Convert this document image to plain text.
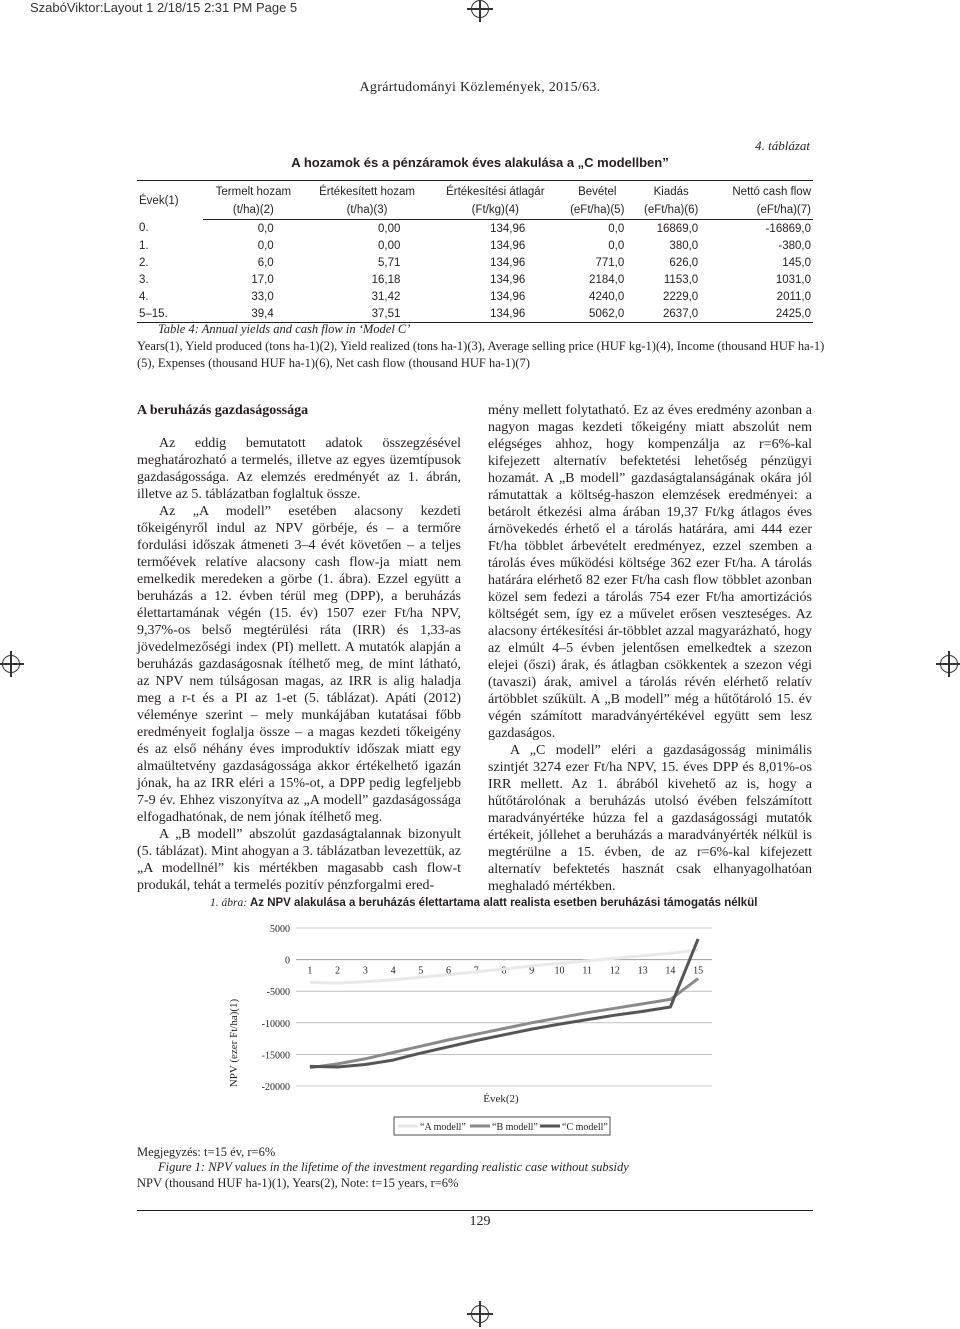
SzabóViktor:Layout 1 2/18/15 2:31 PM Page 5
Agrártudományi Közlemények, 2015/63.
4. táblázat
A hozamok és a pénzáramok éves alakulása a „C modellben”
Évek(1)	Termelt hozam	Értékesített hozam	Értékesítési átlagár	Bevétel	Kiadás	Nettó cash flow
	(t/ha)(2)	(t/ha)(3)	(Ft/kg)(4)	(eFt/ha)(5)	(eFt/ha)(6)	(eFt/ha)(7)
0.	0,0	0,00	134,96	0,0	16869,0	-16869,0
1.	0,0	0,00	134,96	0,0	380,0	-380,0
2.	6,0	5,71	134,96	771,0	626,0	145,0
3.	17,0	16,18	134,96	2184,0	1153,0	1031,0
4.	33,0	31,42	134,96	4240,0	2229,0	2011,0
5–15.	39,4	37,51	134,96	5062,0	2637,0	2425,0
Table 4: Annual yields and cash flow in ‘Model C’
Years(1), Yield produced (tons ha-1)(2), Yield realized (tons ha-1)(3), Average selling price (HUF kg-1)(4), Income (thousand HUF ha-1)(5), Expenses (thousand HUF ha-1)(6), Net cash flow (thousand HUF ha-1)(7)

A beruházás gazdaságossága

Az eddig bemutatott adatok összegzésével meghatározható a termelés, illetve az egyes üzemtípusok gazdaságossága. Az elemzés eredményét az 1. ábrán, illetve az 5. táblázatban foglaltuk össze.

Az „A modell” esetében alacsony kezdeti tőkeigényről indul az NPV görbéje, és – a termőre fordulási időszak átmeneti 3–4 évét követően – a teljes termőévek relatíve alacsony cash flow-ja miatt nem emelkedik meredeken a görbe (1. ábra). Ezzel együtt a beruházás a 12. évben térül meg (DPP), a beruházás élettartamának végén (15. év) 1507 ezer Ft/ha NPV, 9,37%-os belső megtérülési ráta (IRR) és 1,33-as jövedelmezőségi index (PI) mellett. A mutatók alapján a beruházás gazdaságosnak ítélhető meg, de mint látható, az NPV nem túlságosan magas, az IRR is alig haladja meg a r-t és a PI az 1-et (5. táblázat). Apáti (2012) véleménye szerint – mely munkájában kutatásai főbb eredményeit foglalja össze – a magas kezdeti tőkeigény és az első néhány éves improduktív időszak miatt egy almaültetvény gazdaságossága akkor értékelhető igazán jónak, ha az IRR eléri a 15%-ot, a DPP pedig legfeljebb 7-9 év. Ehhez viszonyítva az „A modell” gazdaságossága elfogadhatónak, de nem jónak ítélhető meg.

A „B modell” abszolút gazdaságtalannak bizonyult (5. táblázat). Mint ahogyan a 3. táblázatban levezettük, az „A modellnél” kis mértékben magasabb cash flow-t produkál, tehát a termelés pozitív pénzforgalmi ered-

mény mellett folytatható. Ez az éves eredmény azonban a nagyon magas kezdeti tőkeigény miatt abszolút nem elégséges ahhoz, hogy kompenzálja az r=6%-kal kifejezett alternatív befektetési lehetőség pénzügyi hozamát. A „B modell” gazdaságtalanságának okára jól rámutattak a költség-haszon elemzések eredményei: a betárolt étkezési alma árában 19,37 Ft/kg átlagos éves árnövekedés érhető el a tárolás határára, ami 444 ezer Ft/ha többlet árbevételt eredményez, ezzel szemben a tárolás éves működési költsége 362 ezer Ft/ha. A tárolás határára elérhető 82 ezer Ft/ha cash flow többlet azonban közel sem fedezi a tárolás 754 ezer Ft/ha amortizációs költségét sem, így ez a művelet erősen veszteséges. Az alacsony értékesítési ár-többlet azzal magyarázható, hogy az elmúlt 4–5 évben jelentősen emelkedtek a szezon elejei (őszi) árak, és átlagban csökkentek a szezon végi (tavaszi) árak, amivel a tárolás révén elérhető relatív ártöbblet szűkült. A „B modell” még a hűtőtároló 15. év végén számított maradványértékével együtt sem lesz gazdaságos.

A „C modell” eléri a gazdaságosság minimális szintjét 3274 ezer Ft/ha NPV, 15. éves DPP és 8,01%-os IRR mellett. Az 1. ábrából kivehető az is, hogy a hűtőtárolónak a beruházás utolsó évében felszámított maradványértéke húzza fel a gazdaságossági mutatók értékeit, jóllehet a beruházás a maradványérték nélkül is megtérülne a 15. évben, de az r=6%-kal kifejezett alternatív befektetés hasznát csak elhanyagolhatóan meghaladó mértékben.

1. ábra: Az NPV alakulása a beruházás élettartama alatt realista esetben beruházási támogatás nélkül
5000
0
-5000
-10000
-15000
-20000
1 2 3 4 5 6 7 8 9 10 11 12 13 14 15
NPV (ezer Ft/ha)(1)
Évek(2)
“A modell”	“B modell” “C modell”
Megjegyzés: t=15 év, r=6%
Figure 1: NPV values in the lifetime of the investment regarding realistic case without subsidy
NPV (thousand HUF ha-1)(1), Years(2), Note: t=15 years, r=6%
129
